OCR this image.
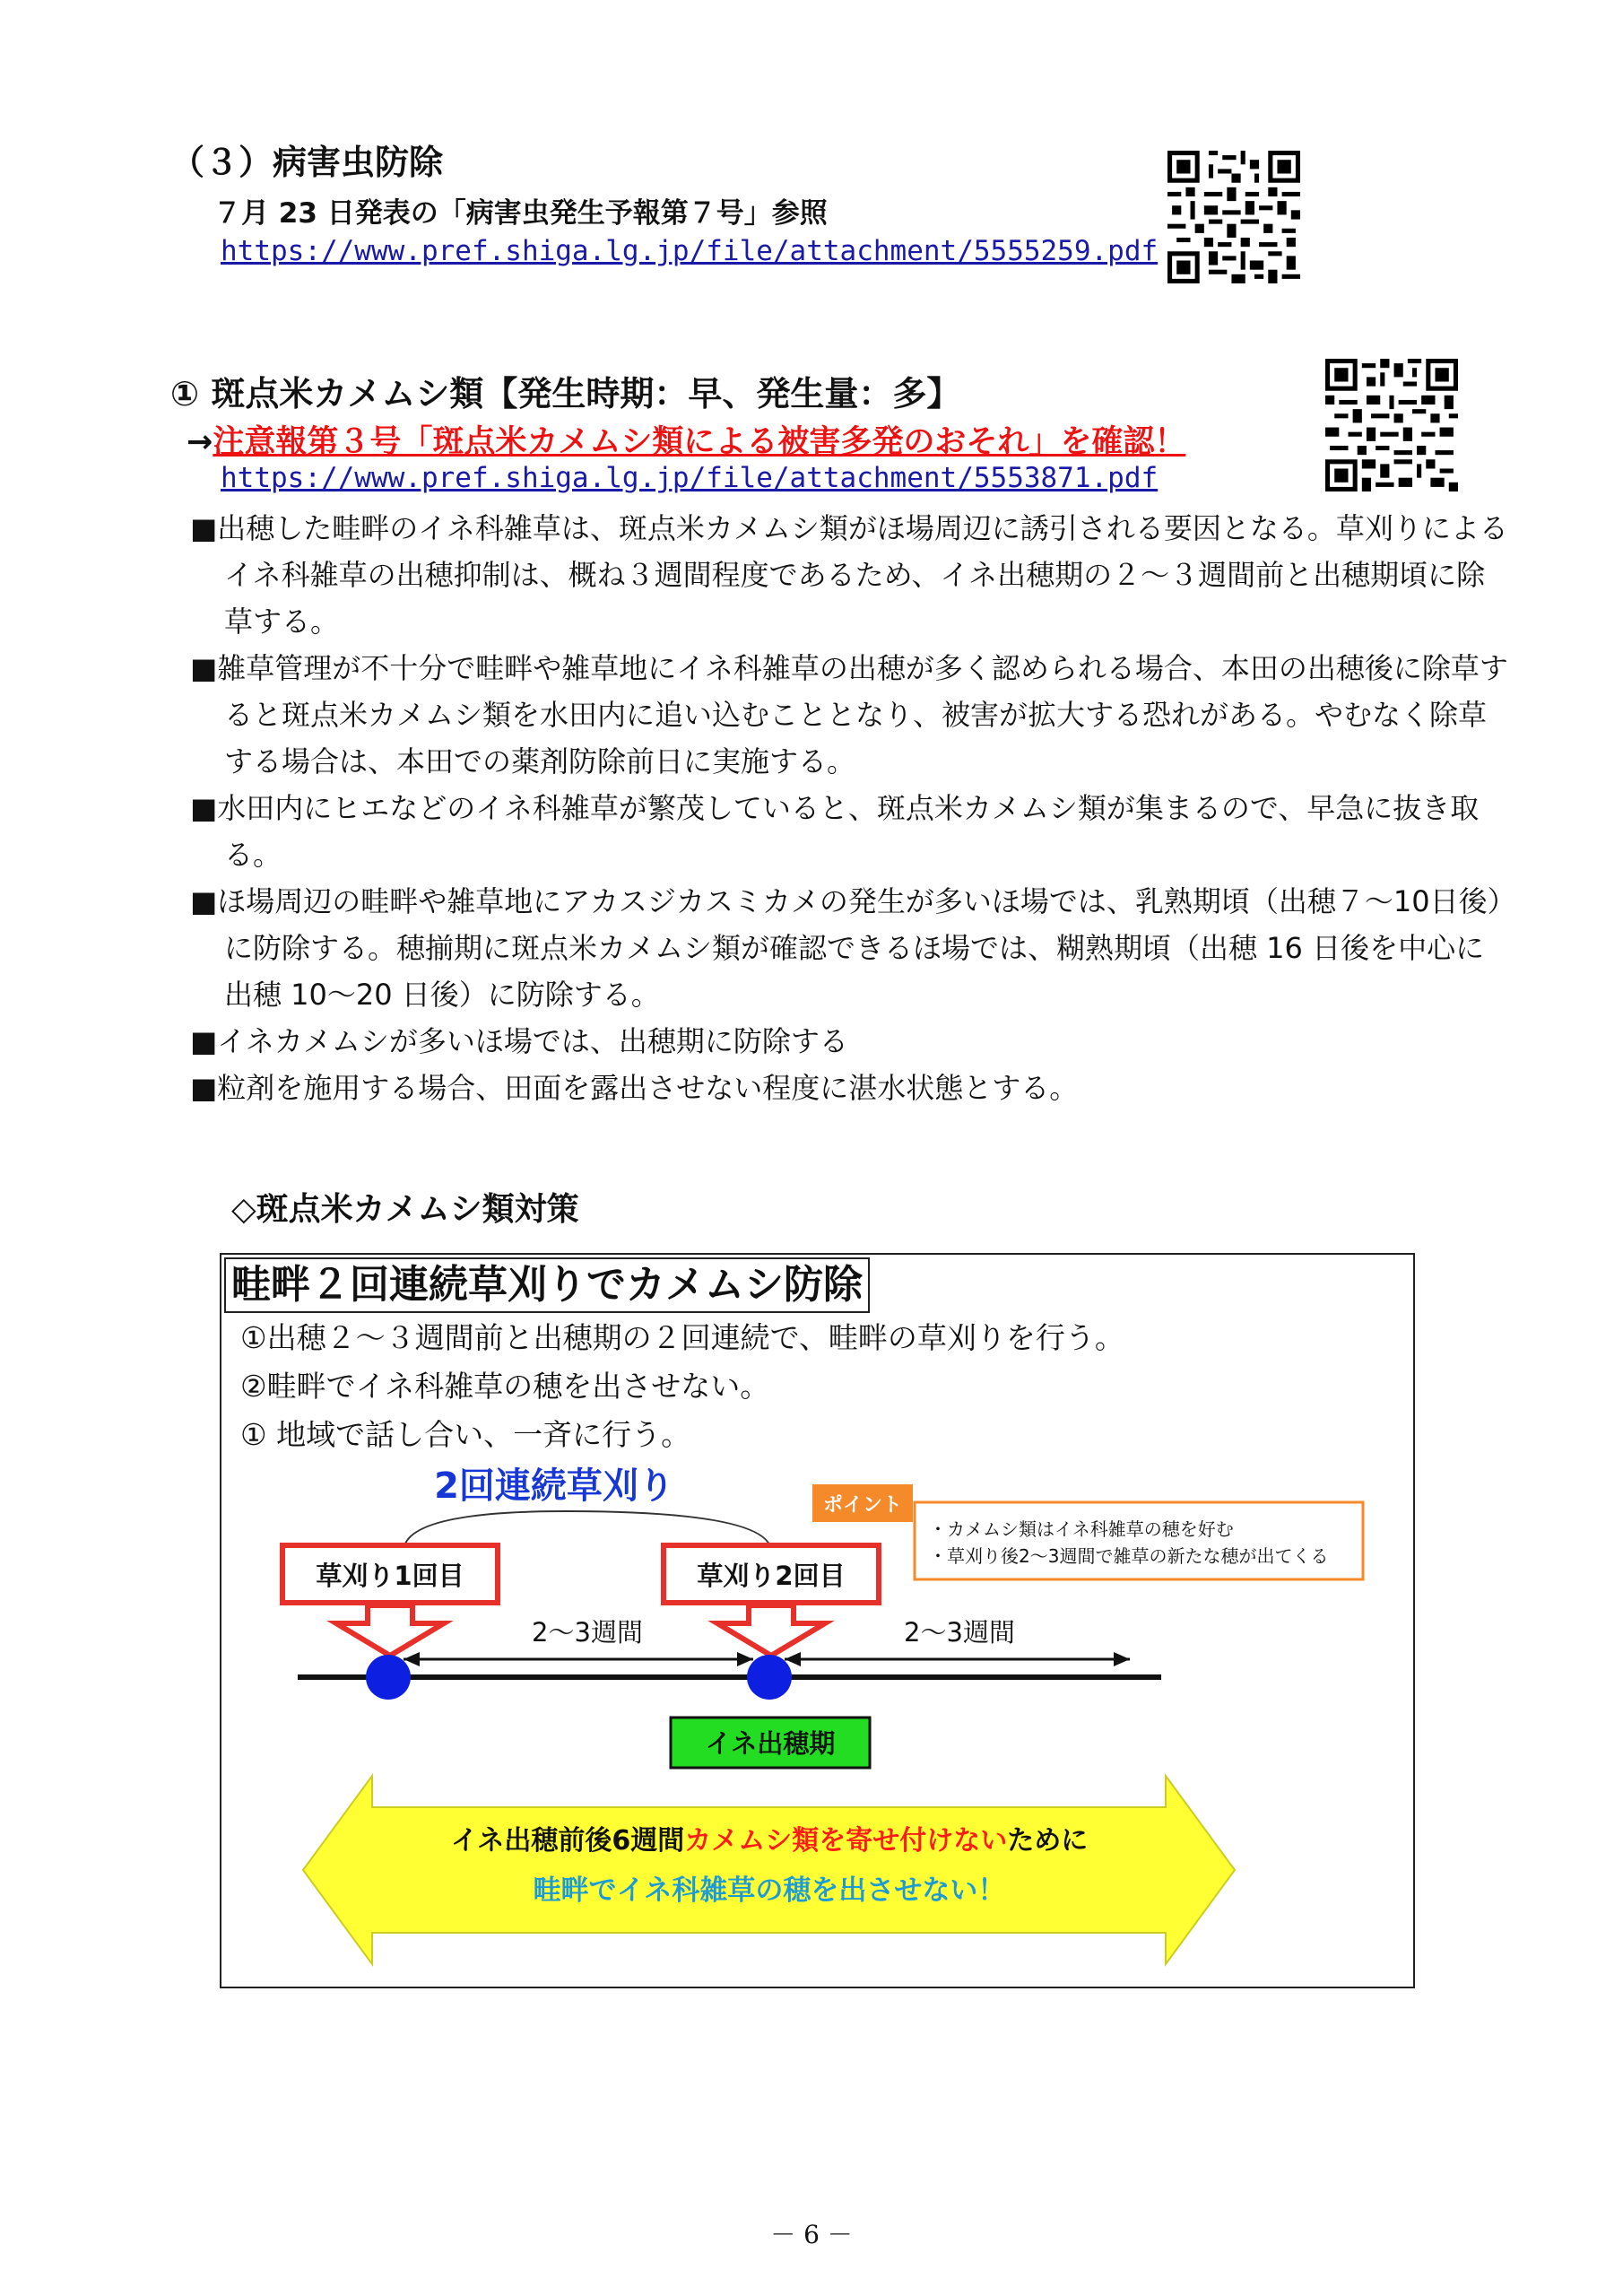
（３）病害虫防除
７月 23 日発表の「病害虫発生予報第７号」参照
https://www.pref.shiga.lg.jp/file/attachment/5555259.pdf
① 斑点米カメムシ類【発生時期：早、発生量：多】
→注意報第３号「斑点米カメムシ類による被害多発のおそれ」を確認！
https://www.pref.shiga.lg.jp/file/attachment/5553871.pdf

■出穂した畦畔のイネ科雑草は、斑点米カメムシ類がほ場周辺に誘引される要因となる。草刈りによるイネ科雑草の出穂抑制は、概ね３週間程度であるため、イネ出穂期の２～３週間前と出穂期頃に除草する。

■雑草管理が不十分で畦畔や雑草地にイネ科雑草の出穂が多く認められる場合、本田の出穂後に除草すると斑点米カメムシ類を水田内に追い込むこととなり、被害が拡大する恐れがある。やむなく除草する場合は、本田での薬剤防除前日に実施する。

■水田内にヒエなどのイネ科雑草が繁茂していると、斑点米カメムシ類が集まるので、早急に抜き取る。

■ほ場周辺の畦畔や雑草地にアカスジカスミカメの発生が多いほ場では、乳熟期頃（出穂７～10日後）に防除する。穂揃期に斑点米カメムシ類が確認できるほ場では、糊熟期頃（出穂 16 日後を中心に出穂 10～20 日後）に防除する。

■イネカメムシが多いほ場では、出穂期に防除する

■粒剤を施用する場合、田面を露出させない程度に湛水状態とする。

◇斑点米カメムシ類対策
畦畔２回連続草刈りでカメムシ防除
①出穂２～３週間前と出穂期の２回連続で、畦畔の草刈りを行う。
②畦畔でイネ科雑草の穂を出させない。
① 地域で話し合い、一斉に行う。
2回連続草刈り	ポイント
・カメムシ類はイネ科雑草の穂を好む
・草刈り後2～3週間で雑草の新たな穂が出てくる
草刈り1回目	草刈り2回目
2～3週間	2～3週間
イネ出穂期
イネ出穂前後6週間カメムシ類を寄せ付けないために
畦畔でイネ科雑草の穂を出させない！
－ 6 －
